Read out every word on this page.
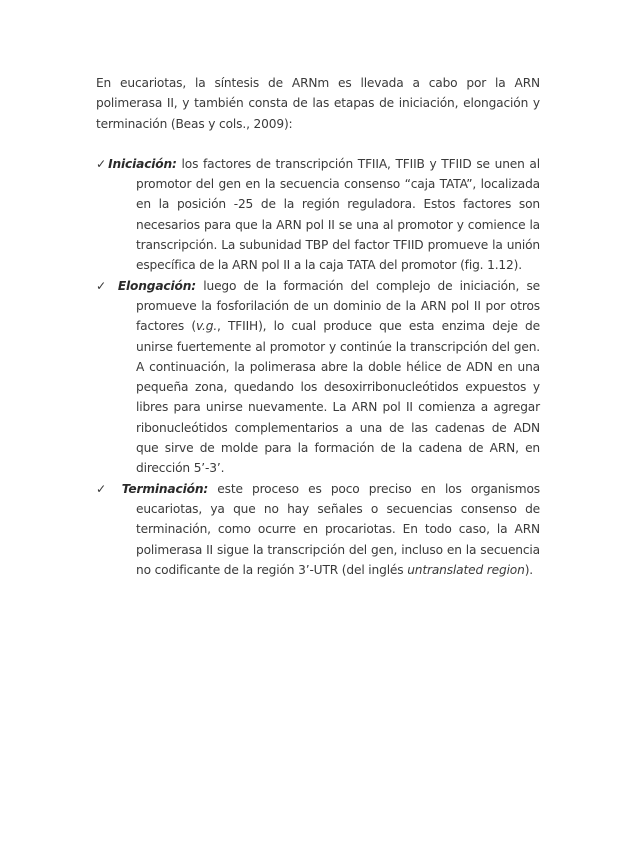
En eucariotas, la síntesis de ARNm es llevada a cabo por la ARN polimerasa II, y también consta de las etapas de iniciación, elongación y terminación (Beas y cols., 2009):

✓Iniciación: los factores de transcripción TFIIA, TFIIB y TFIID se unen al promotor del gen en la secuencia consenso “caja TATA”, localizada en la posición -25 de la región reguladora. Estos factores son necesarios para que la ARN pol II se una al promotor y comience la transcripción. La subunidad TBP del factor TFIID promueve la unión específica de la ARN pol II a la caja TATA del promotor (fig. 1.12).

✓ Elongación: luego de la formación del complejo de iniciación, se promueve la fosforilación de un dominio de la ARN pol II por otros factores (v.g., TFIIH), lo cual produce que esta enzima deje de unirse fuertemente al promotor y continúe la transcripción del gen. A continuación, la polimerasa abre la doble hélice de ADN en una pequeña zona, quedando los desoxirribonucleótidos expuestos y libres para unirse nuevamente. La ARN pol II comienza a agregar ribonucleótidos complementarios a una de las cadenas de ADN que sirve de molde para la formación de la cadena de ARN, en dirección 5’-3’.

✓ Terminación: este proceso es poco preciso en los organismos eucariotas, ya que no hay señales o secuencias consenso de terminación, como ocurre en procariotas. En todo caso, la ARN polimerasa II sigue la transcripción del gen, incluso en la secuencia no codificante de la región 3’-UTR (del inglés untranslated region).
